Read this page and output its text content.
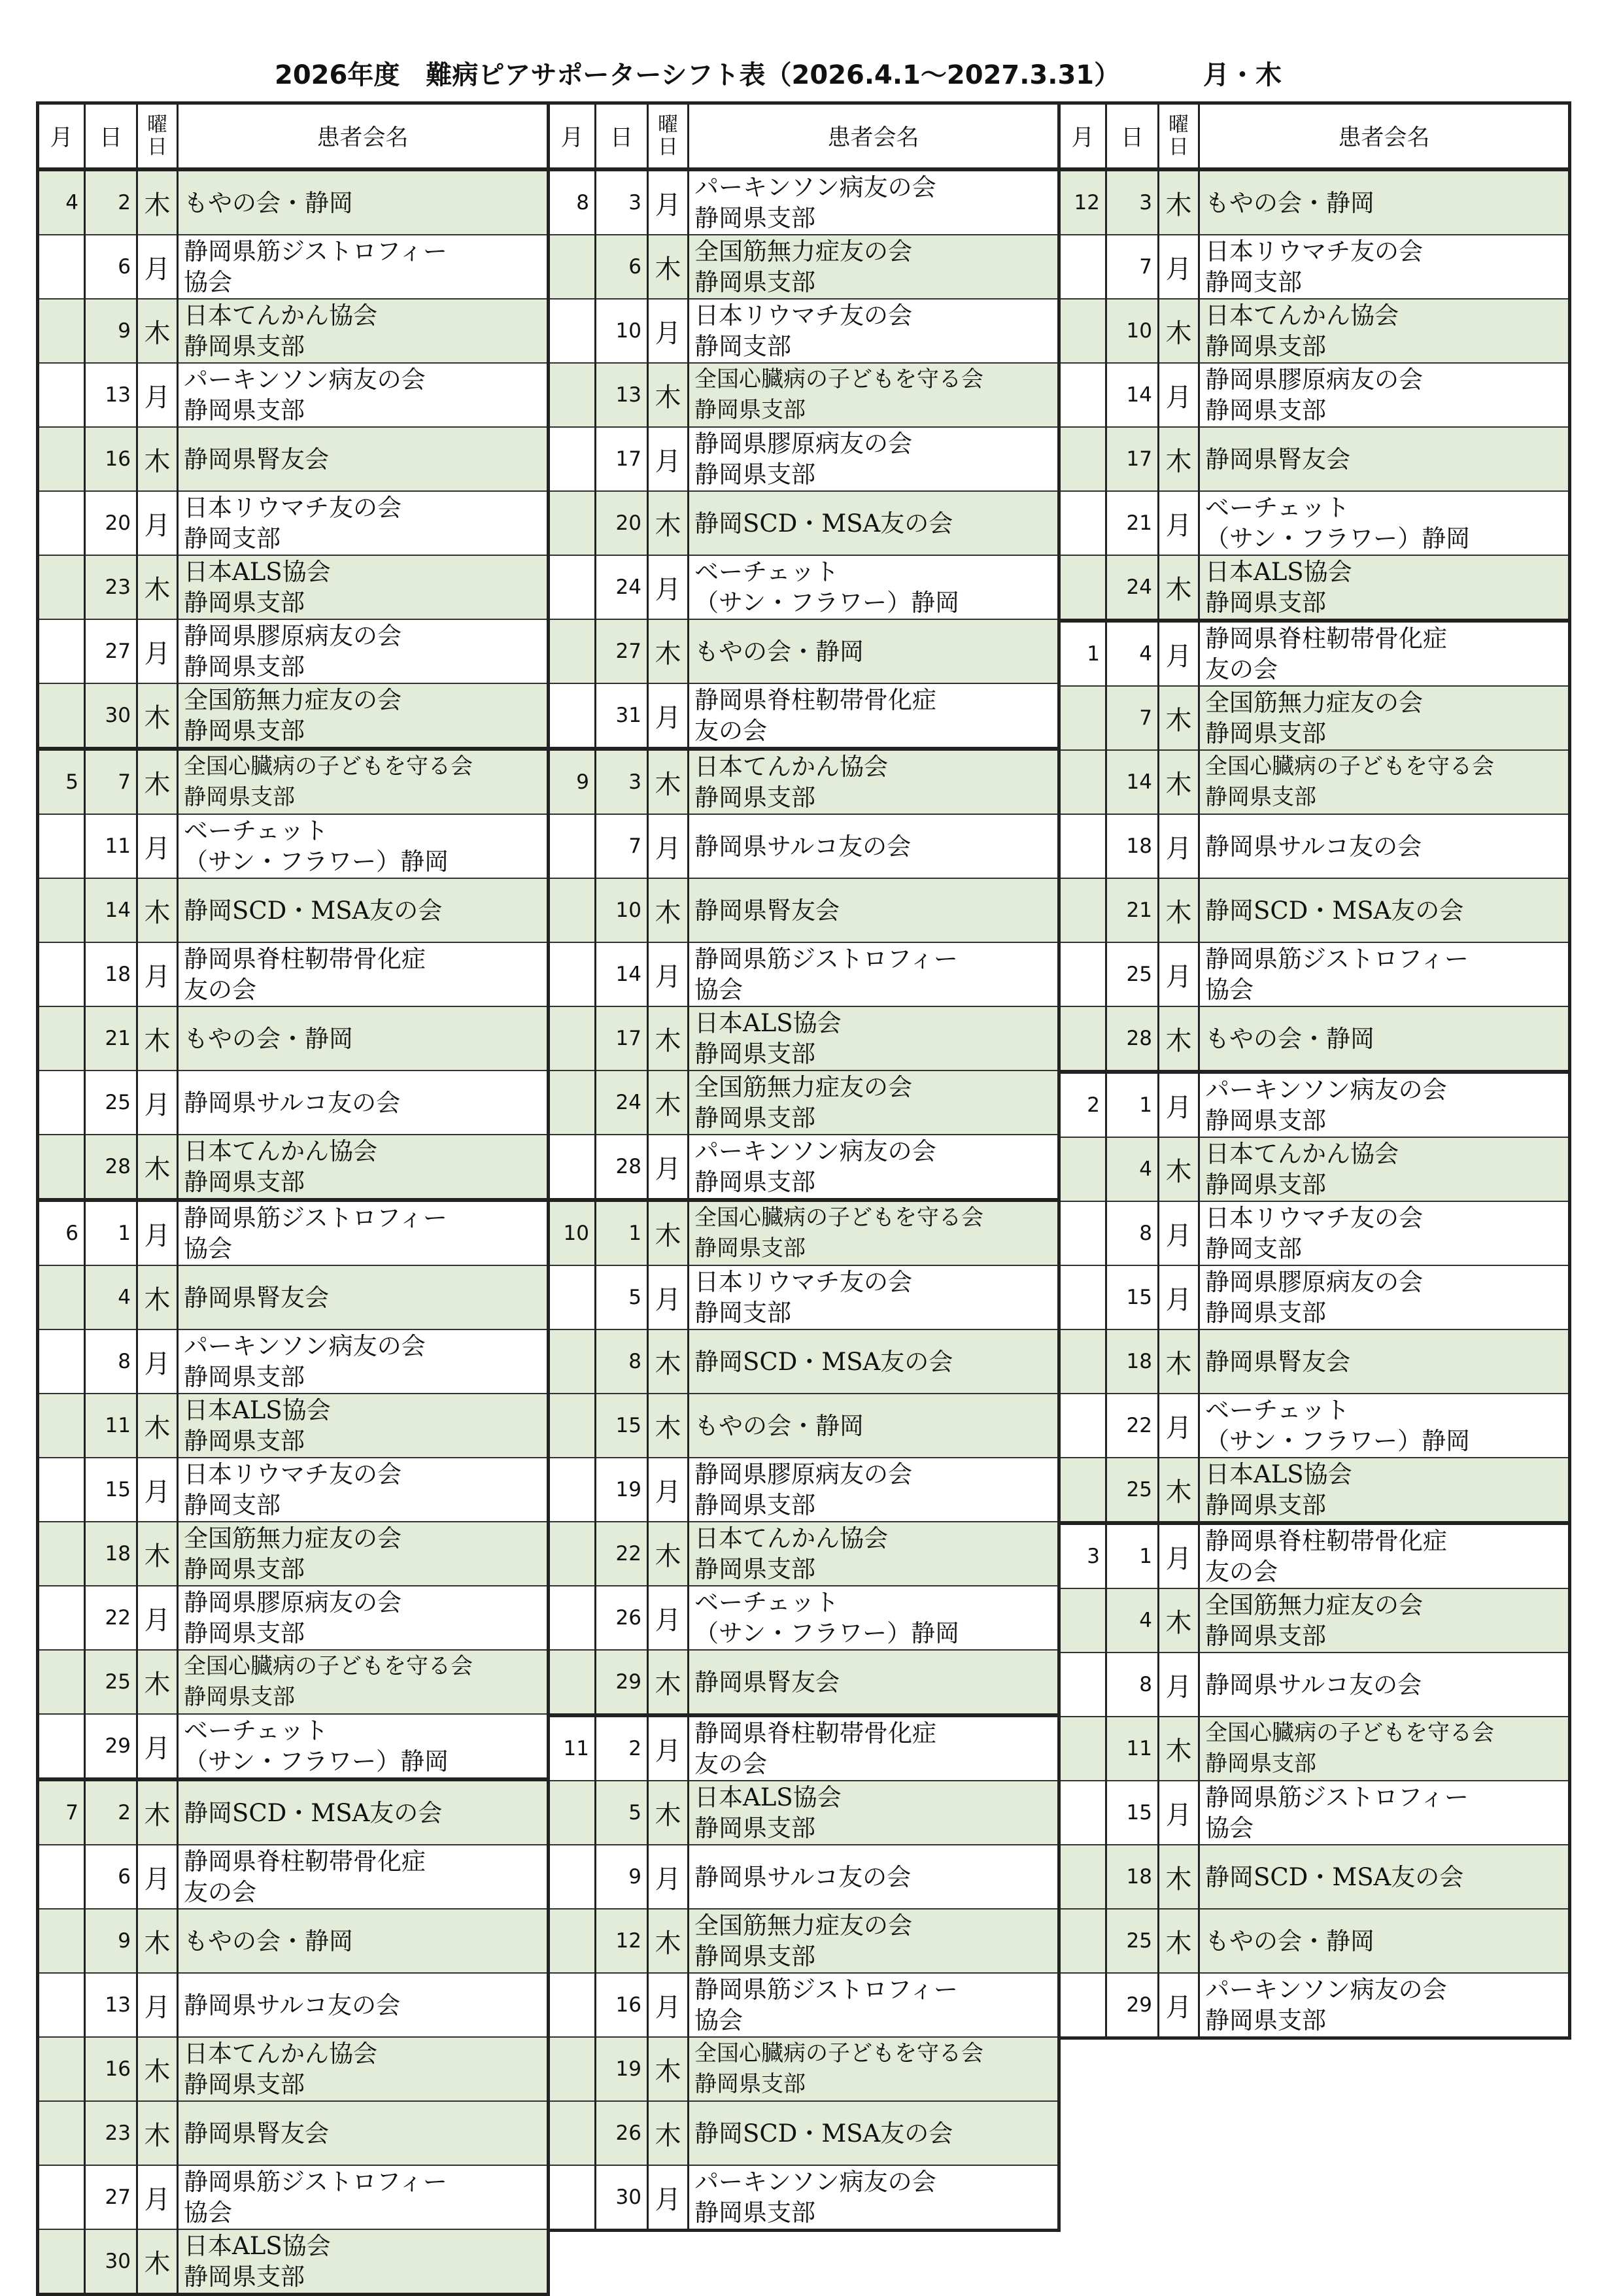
2026年度　難病ピアサポーターシフト表（2026.4.1～2027.3.31）	月・木
月	日	曜
日	患者会名
4	2	木	もやの会・静岡
	6	月	静岡県筋ジストロフィー
協会
	9	木	日本てんかん協会
静岡県支部
	13	月	パーキンソン病友の会
静岡県支部
	16	木	静岡県腎友会
	20	月	日本リウマチ友の会
静岡支部
	23	木	日本ALS協会
静岡県支部
	27	月	静岡県膠原病友の会
静岡県支部
	30	木	全国筋無力症友の会
静岡県支部
5	7	木	全国心臓病の子どもを守る会
静岡県支部
	11	月	ベーチェット
（サン・フラワー）静岡
	14	木	静岡SCD・MSA友の会
	18	月	静岡県脊柱靭帯骨化症
友の会
	21	木	もやの会・静岡
	25	月	静岡県サルコ友の会
	28	木	日本てんかん協会
静岡県支部
6	1	月	静岡県筋ジストロフィー
協会
	4	木	静岡県腎友会
	8	月	パーキンソン病友の会
静岡県支部
	11	木	日本ALS協会
静岡県支部
	15	月	日本リウマチ友の会
静岡支部
	18	木	全国筋無力症友の会
静岡県支部
	22	月	静岡県膠原病友の会
静岡県支部
	25	木	全国心臓病の子どもを守る会
静岡県支部
	29	月	ベーチェット
（サン・フラワー）静岡
7	2	木	静岡SCD・MSA友の会
	6	月	静岡県脊柱靭帯骨化症
友の会
	9	木	もやの会・静岡
	13	月	静岡県サルコ友の会
	16	木	日本てんかん協会
静岡県支部
	23	木	静岡県腎友会
	27	月	静岡県筋ジストロフィー
協会
	30	木	日本ALS協会
静岡県支部
月	日	曜
日	患者会名
8	3	月	パーキンソン病友の会
静岡県支部
	6	木	全国筋無力症友の会
静岡県支部
	10	月	日本リウマチ友の会
静岡支部
	13	木	全国心臓病の子どもを守る会
静岡県支部
	17	月	静岡県膠原病友の会
静岡県支部
	20	木	静岡SCD・MSA友の会
	24	月	ベーチェット
（サン・フラワー）静岡
	27	木	もやの会・静岡
	31	月	静岡県脊柱靭帯骨化症
友の会
9	3	木	日本てんかん協会
静岡県支部
	7	月	静岡県サルコ友の会
	10	木	静岡県腎友会
	14	月	静岡県筋ジストロフィー
協会
	17	木	日本ALS協会
静岡県支部
	24	木	全国筋無力症友の会
静岡県支部
	28	月	パーキンソン病友の会
静岡県支部
10	1	木	全国心臓病の子どもを守る会
静岡県支部
	5	月	日本リウマチ友の会
静岡支部
	8	木	静岡SCD・MSA友の会
	15	木	もやの会・静岡
	19	月	静岡県膠原病友の会
静岡県支部
	22	木	日本てんかん協会
静岡県支部
	26	月	ベーチェット
（サン・フラワー）静岡
	29	木	静岡県腎友会
11	2	月	静岡県脊柱靭帯骨化症
友の会
	5	木	日本ALS協会
静岡県支部
	9	月	静岡県サルコ友の会
	12	木	全国筋無力症友の会
静岡県支部
	16	月	静岡県筋ジストロフィー
協会
	19	木	全国心臓病の子どもを守る会
静岡県支部
	26	木	静岡SCD・MSA友の会
	30	月	パーキンソン病友の会
静岡県支部
月	日	曜
日	患者会名
12	3	木	もやの会・静岡
	7	月	日本リウマチ友の会
静岡支部
	10	木	日本てんかん協会
静岡県支部
	14	月	静岡県膠原病友の会
静岡県支部
	17	木	静岡県腎友会
	21	月	ベーチェット
（サン・フラワー）静岡
	24	木	日本ALS協会
静岡県支部
1	4	月	静岡県脊柱靭帯骨化症
友の会
	7	木	全国筋無力症友の会
静岡県支部
	14	木	全国心臓病の子どもを守る会
静岡県支部
	18	月	静岡県サルコ友の会
	21	木	静岡SCD・MSA友の会
	25	月	静岡県筋ジストロフィー
協会
	28	木	もやの会・静岡
2	1	月	パーキンソン病友の会
静岡県支部
	4	木	日本てんかん協会
静岡県支部
	8	月	日本リウマチ友の会
静岡支部
	15	月	静岡県膠原病友の会
静岡県支部
	18	木	静岡県腎友会
	22	月	ベーチェット
（サン・フラワー）静岡
	25	木	日本ALS協会
静岡県支部
3	1	月	静岡県脊柱靭帯骨化症
友の会
	4	木	全国筋無力症友の会
静岡県支部
	8	月	静岡県サルコ友の会
	11	木	全国心臓病の子どもを守る会
静岡県支部
	15	月	静岡県筋ジストロフィー
協会
	18	木	静岡SCD・MSA友の会
	25	木	もやの会・静岡
	29	月	パーキンソン病友の会
静岡県支部
